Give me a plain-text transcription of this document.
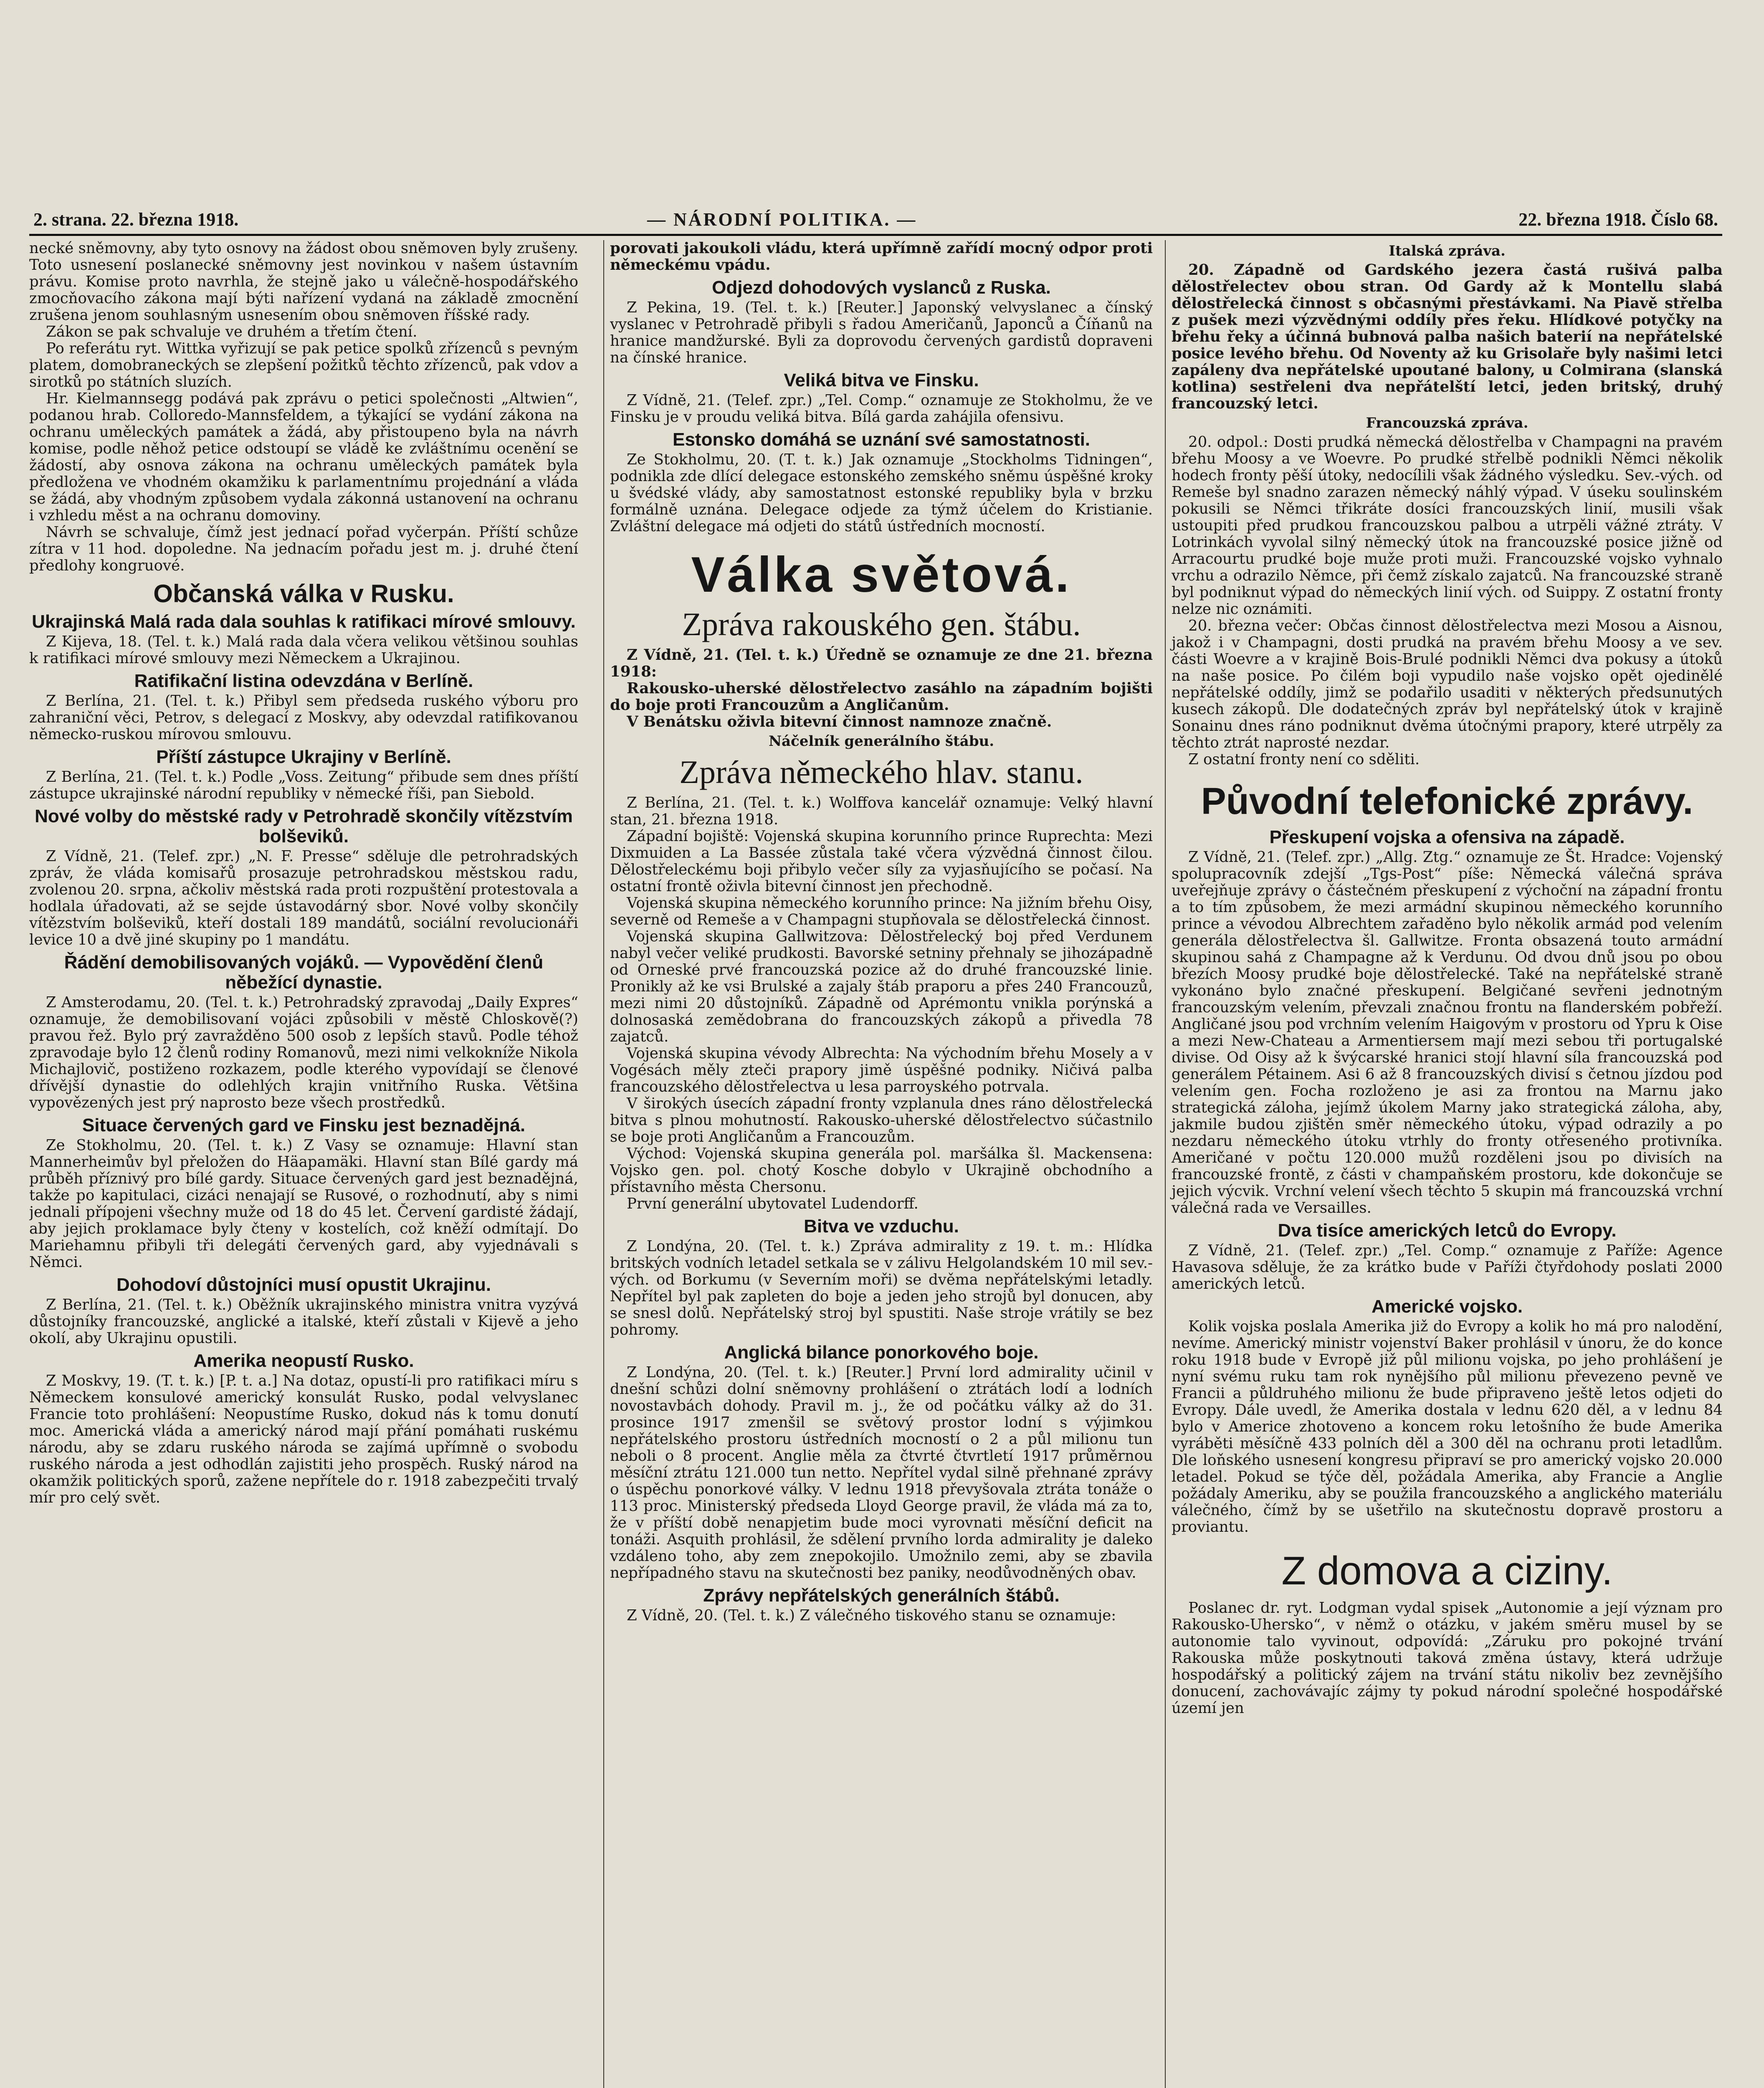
2. strana. 22. března 1918.	— NÁRODNÍ POLITIKA. —	22. března 1918. Číslo 68.

necké sněmovny, aby tyto osnovy na žádost obou sněmoven byly zrušeny. Toto usnesení poslanecké sněmovny jest novinkou v našem ústavním právu. Komise proto navrhla, že stejně jako u válečně-hospodářského zmocňovacího zákona mají býti nařízení vydaná na základě zmocnění zrušena jenom souhlasným usnesením obou sněmoven říšské rady.

Zákon se pak schvaluje ve druhém a třetím čtení.

Po referátu ryt. Wittka vyřizují se pak petice spolků zřízenců s pevným platem, domobraneckých se zlepšení požitků těchto zřízenců, pak vdov a sirotků po státních sluzích.

Hr. Kielmannsegg podává pak zprávu o petici společnosti „Altwien“, podanou hrab. Colloredo-Mannsfeldem, a týkající se vydání zákona na ochranu uměleckých památek a žádá, aby přistoupeno byla na návrh komise, podle něhož petice odstoupí se vládě ke zvláštnímu ocenění se žádostí, aby osnova zákona na ochranu uměleckých památek byla předložena ve vhodném okamžiku k parlamentnímu projednání a vláda se žádá, aby vhodným způsobem vydala zákonná ustanovení na ochranu i vzhledu měst a na ochranu domoviny.

Návrh se schvaluje, čímž jest jednací pořad vyčerpán. Příští schůze zítra v 11 hod. dopoledne. Na jednacím pořadu jest m. j. druhé čtení předlohy kongruové.

Občanská válka v Rusku.
Ukrajinská Malá rada dala souhlas k ratifikaci mírové smlouvy.

Z Kijeva, 18. (Tel. t. k.) Malá rada dala včera velikou většinou souhlas k ratifikaci mírové smlouvy mezi Německem a Ukrajinou.

Ratifikační listina odevzdána v Berlíně.

Z Berlína, 21. (Tel. t. k.) Přibyl sem předseda ruského výboru pro zahraniční věci, Petrov, s delegací z Moskvy, aby odevzdal ratifikovanou německo-ruskou mírovou smlouvu.

Příští zástupce Ukrajiny v Berlíně.

Z Berlína, 21. (Tel. t. k.) Podle „Voss. Zeitung“ přibude sem dnes příští zástupce ukrajinské národní republiky v německé říši, pan Siebold.

Nové volby do městské rady v Petrohradě skončily vítězstvím bolševiků.

Z Vídně, 21. (Telef. zpr.) „N. F. Presse“ sděluje dle petrohradských zpráv, že vláda komisařů prosazuje petrohradskou městskou radu, zvolenou 20. srpna, ačkoliv městská rada proti rozpuštění protestovala a hodlala úřadovati, až se sejde ústavodárný sbor. Nové volby skončily vítězstvím bolševiků, kteří dostali 189 mandátů, sociální revolucionáři levice 10 a dvě jiné skupiny po 1 mandátu.

Řádění demobilisovaných vojáků. — Vypovědění členů něbežící dynastie.

Z Amsterodamu, 20. (Tel. t. k.) Petrohradský zpravodaj „Daily Expres“ oznamuje, že demobilisovaní vojáci způsobili v městě Chloskově(?) pravou řež. Bylo prý zavražděno 500 osob z lepších stavů. Podle téhož zpravodaje bylo 12 členů rodiny Romanovů, mezi nimi velkokníže Nikola Michajlovič, postiženo rozkazem, podle kterého vypovídají se členové dřívější dynastie do odlehlých krajin vnitřního Ruska. Většina vypovězených jest prý naprosto beze všech prostředků.

Situace červených gard ve Finsku jest beznadějná.

Ze Stokholmu, 20. (Tel. t. k.) Z Vasy se oznamuje: Hlavní stan Mannerheimův byl přeložen do Häapamäki. Hlavní stan Bílé gardy má průběh příznivý pro bílé gardy. Situace červených gard jest beznadějná, takže po kapitulaci, cizáci nenajají se Rusové, o rozhodnutí, aby s nimi jednali přípojeni všechny muže od 18 do 45 let. Červení gardisté žádají, aby jejich proklamace byly čteny v kostelích, což kněží odmítají. Do Mariehamnu přibyli tři delegáti červených gard, aby vyjednávali s Němci.

Dohodoví důstojníci musí opustit Ukrajinu.

Z Berlína, 21. (Tel. t. k.) Oběžník ukrajinského ministra vnitra vyzývá důstojníky francouzské, anglické a italské, kteří zůstali v Kijevě a jeho okolí, aby Ukrajinu opustili.

Amerika neopustí Rusko.

Z Moskvy, 19. (T. t. k.) [P. t. a.] Na dotaz, opustí-li pro ratifikaci míru s Německem konsulové americký konsulát Rusko, podal velvyslanec Francie toto prohlášení: Neopustíme Rusko, dokud nás k tomu donutí moc. Americká vláda a americký národ mají přání pomáhati ruskému národu, aby se zdaru ruského národa se zajímá upřímně o svobodu ruského národa a jest odhodlán zajistiti jeho prospěch. Ruský národ na okamžik politických sporů, zažene nepřítele do r. 1918 zabezpečiti trvalý mír pro celý svět.

porovati jakoukoli vládu, která upřímně zařídí mocný odpor proti německému vpádu.

Odjezd dohodových vyslanců z Ruska.

Z Pekina, 19. (Tel. t. k.) [Reuter.] Japonský velvyslanec a čínský vyslanec v Petrohradě přibyli s řadou Američanů, Japonců a Číňanů na hranice mandžurské. Byli za doprovodu červených gardistů dopraveni na čínské hranice.

Veliká bitva ve Finsku.

Z Vídně, 21. (Telef. zpr.) „Tel. Comp.“ oznamuje ze Stokholmu, že ve Finsku je v proudu veliká bitva. Bílá garda zahájila ofensivu.

Estonsko domáhá se uznání své samostatnosti.

Ze Stokholmu, 20. (T. t. k.) Jak oznamuje „Stockholms Tidningen“, podnikla zde dlící delegace estonského zemského sněmu úspěšné kroky u švédské vlády, aby samostatnost estonské republiky byla v brzku formálně uznána. Delegace odjede za týmž účelem do Kristianie. Zvláštní delegace má odjeti do států ústředních mocností.

Válka světová.
Zpráva rakouského gen. štábu.

Z Vídně, 21. (Tel. t. k.) Úředně se oznamuje ze dne 21. března 1918:

Rakousko-uherské dělostřelectvo zasáhlo na západním bojišti do boje proti Francouzům a Angličanům.

V Benátsku oživla bitevní činnost namnoze značně.

Náčelník generálního štábu.
Zpráva německého hlav. stanu.

Z Berlína, 21. (Tel. t. k.) Wolffova kancelář oznamuje: Velký hlavní stan, 21. března 1918.

Západní bojiště: Vojenská skupina korunního prince Ruprechta: Mezi Dixmuiden a La Bassée zůstala také včera výzvědná činnost čilou. Dělostřeleckému boji přibylo večer síly za vyjasňujícího se počasí. Na ostatní frontě oživla bitevní činnost jen přechodně.

Vojenská skupina německého korunního prince: Na jižním břehu Oisy, severně od Remeše a v Champagni stupňovala se dělostřelecká činnost.

Vojenská skupina Gallwitzova: Dělostřelecký boj před Verdunem nabyl večer veliké prudkosti. Bavorské setniny přehnaly se jihozápadně od Orneské prvé francouzská pozice až do druhé francouzské linie. Pronikly až ke vsi Brulské a zajaly štáb praporu a přes 240 Francouzů, mezi nimi 20 důstojníků. Západně od Aprémontu vnikla porýnská a dolnosaská zemědobrana do francouzských zákopů a přivedla 78 zajatců.

Vojenská skupina vévody Albrechta: Na východním břehu Mosely a v Vogésách měly zteči prapory jimě úspěšné podniky. Ničivá palba francouzského dělostřelectva u lesa parroyského potrvala.

V širokých úsecích západní fronty vzplanula dnes ráno dělostřelecká bitva s plnou mohutností. Rakousko-uherské dělostřelectvo súčastnilo se boje proti Angličanům a Francouzům.

Východ: Vojenská skupina generála pol. maršálka šl. Mackensena: Vojsko gen. pol. chotý Kosche dobylo v Ukrajině obchodního a přístavního města Chersonu.

První generální ubytovatel Ludendorff.

Bitva ve vzduchu.

Z Londýna, 20. (Tel. t. k.) Zpráva admirality z 19. t. m.: Hlídka britských vodních letadel setkala se v zálivu Helgolandském 10 mil sev.-vých. od Borkumu (v Severním moři) se dvěma nepřátelskými letadly. Nepřítel byl pak zapleten do boje a jeden jeho strojů byl donucen, aby se snesl dolů. Nepřátelský stroj byl spustiti. Naše stroje vrátily se bez pohromy.

Anglická bilance ponorkového boje.

Z Londýna, 20. (Tel. t. k.) [Reuter.] První lord admirality učinil v dnešní schůzi dolní sněmovny prohlášení o ztrátách lodí a lodních novostavbách dohody. Pravil m. j., že od počátku války až do 31. prosince 1917 zmenšil se světový prostor lodní s výjimkou nepřátelského prostoru ústředních mocností o 2 a půl milionu tun neboli o 8 procent. Anglie měla za čtvrté čtvrtletí 1917 průměrnou měsíční ztrátu 121.000 tun netto. Nepřítel vydal silně přehnané zprávy o úspěchu ponorkové války. V lednu 1918 převyšovala ztráta tonáže o 113 proc. Ministerský předseda Lloyd George pravil, že vláda má za to, že v příští době nenapjetim bude moci vyrovnati měsíční deficit na tonáži. Asquith prohlásil, že sdělení prvního lorda admirality je daleko vzdáleno toho, aby zem znepokojilo. Umožnilo zemi, aby se zbavila nepřípadného stavu na skutečnosti bez paniky, neodůvodněných obav.

Zprávy nepřátelských generálních štábů.

Z Vídně, 20. (Tel. t. k.) Z válečného tiskového stanu se oznamuje:

Italská zpráva.

20. Západně od Gardského jezera častá rušivá palba dělostřelectev obou stran. Od Gardy až k Montellu slabá dělostřelecká činnost s občasnými přestávkami. Na Piavě střelba z pušek mezi výzvědnými oddíly přes řeku. Hlídkové potyčky na břehu řeky a účinná bubnová palba našich baterií na nepřátelské posice levého břehu. Od Noventy až ku Grisolaře byly našimi letci zapáleny dva nepřátelské upoutané balony, u Colmirana (slanská kotlina) sestřeleni dva nepřátelští letci, jeden britský, druhý francouzský letci.

Francouzská zpráva.

20. odpol.: Dosti prudká německá dělostřelba v Champagni na pravém břehu Moosy a ve Woevre. Po prudké střelbě podnikli Němci několik hodech fronty pěší útoky, nedocílili však žádného výsledku. Sev.-vých. od Remeše byl snadno zarazen německý náhlý výpad. V úseku soulinském pokusili se Němci třikráte dosíci francouzských linií, musili však ustoupiti před prudkou francouzskou palbou a utrpěli vážné ztráty. V Lotrinkách vyvolal silný německý útok na francouzské posice jižně od Arracourtu prudké boje muže proti muži. Francouzské vojsko vyhnalo vrchu a odrazilo Němce, při čemž získalo zajatců. Na francouzské straně byl podniknut výpad do německých linií vých. od Suippy. Z ostatní fronty nelze nic oznámiti.

20. března večer: Občas činnost dělostřelectva mezi Mosou a Aisnou, jakož i v Champagni, dosti prudká na pravém břehu Moosy a ve sev. části Woevre a v krajině Bois-Brulé podnikli Němci dva pokusy a útoků na naše posice. Po čilém boji vypudilo naše vojsko opět ojedinělé nepřátelské oddíly, jimž se podařilo usaditi v některých předsunutých kusech zákopů. Dle dodatečných zpráv byl nepřátelský útok v krajině Sonainu dnes ráno podniknut dvěma útočnými prapory, které utrpěly za těchto ztrát naprosté nezdar.

Z ostatní fronty není co sděliti.

Původní telefonické zprávy.
Přeskupení vojska a ofensiva na západě.

Z Vídně, 21. (Telef. zpr.) „Allg. Ztg.“ oznamuje ze Št. Hradce: Vojenský spolupracovník zdejší „Tgs-Post“ píše: Německá válečná správa uveřejňuje zprávy o částečném přeskupení z výchoční na západní frontu a to tím způsobem, že mezi armádní skupinou německého korunního prince a vévodou Albrechtem zařaděno bylo několik armád pod velením generála dělostřelectva šl. Gallwitze. Fronta obsazená touto armádní skupinou sahá z Champagne až k Verdunu. Od dvou dnů jsou po obou březích Moosy prudké boje dělostřelecké. Také na nepřátelské straně vykonáno bylo značné přeskupení. Belgičané sevřeni jednotným francouzským velením, převzali značnou frontu na flanderském pobřeží. Angličané jsou pod vrchním velením Haigovým v prostoru od Ypru k Oise a mezi New-Chateau a Armentiersem mají mezi sebou tři portugalské divise. Od Oisy až k švýcarské hranici stojí hlavní síla francouzská pod generálem Pétainem. Asi 6 až 8 francouzských divisí s četnou jízdou pod velením gen. Focha rozloženo je asi za frontou na Marnu jako strategická záloha, jejímž úkolem Marny jako strategická záloha, aby, jakmile budou zjištěn směr německého útoku, výpad odrazily a po nezdaru německého útoku vtrhly do fronty otřeseného protivníka. Američané v počtu 120.000 mužů rozděleni jsou po divisích na francouzské frontě, z části v champaňském prostoru, kde dokončuje se jejich výcvik. Vrchní velení všech těchto 5 skupin má francouzská vrchní válečná rada ve Versailles.

Dva tisíce amerických letců do Evropy.

Z Vídně, 21. (Telef. zpr.) „Tel. Comp.“ oznamuje z Paříže: Agence Havasova sděluje, že za krátko bude v Paříži čtyřdohody poslati 2000 amerických letců.

Americké vojsko.

Kolik vojska poslala Amerika již do Evropy a kolik ho má pro nalodění, nevíme. Americký ministr vojenství Baker prohlásil v únoru, že do konce roku 1918 bude v Evropě již půl milionu vojska, po jeho prohlášení je nyní svému ruku tam rok nynějšího půl milionu převezeno pevně ve Francii a půldruhého milionu že bude připraveno ještě letos odjeti do Evropy. Dále uvedl, že Amerika dostala v lednu 620 děl, a v lednu 84 bylo v Americe zhotoveno a koncem roku letošního že bude Amerika vyráběti měsíčně 433 polních děl a 300 děl na ochranu proti letadlům. Dle loňského usnesení kongresu připraví se pro americký vojsko 20.000 letadel. Pokud se týče děl, požádala Amerika, aby Francie a Anglie požádaly Ameriku, aby se použila francouzského a anglického materiálu válečného, čímž by se ušetřilo na skutečnostu dopravě prostoru a proviantu.

Z domova a ciziny.

Poslanec dr. ryt. Lodgman vydal spisek „Autonomie a její význam pro Rakousko-Uhersko“, v němž o otázku, v jakém směru musel by se autonomie talo vyvinout, odpovídá: „Záruku pro pokojné trvání Rakouska může poskytnouti taková změna ústavy, která udržuje hospodářský a politický zájem na trvání státu nikoliv bez zevnějšího donucení, zachovávajíc zájmy ty pokud národní společné hospodářské území jen
